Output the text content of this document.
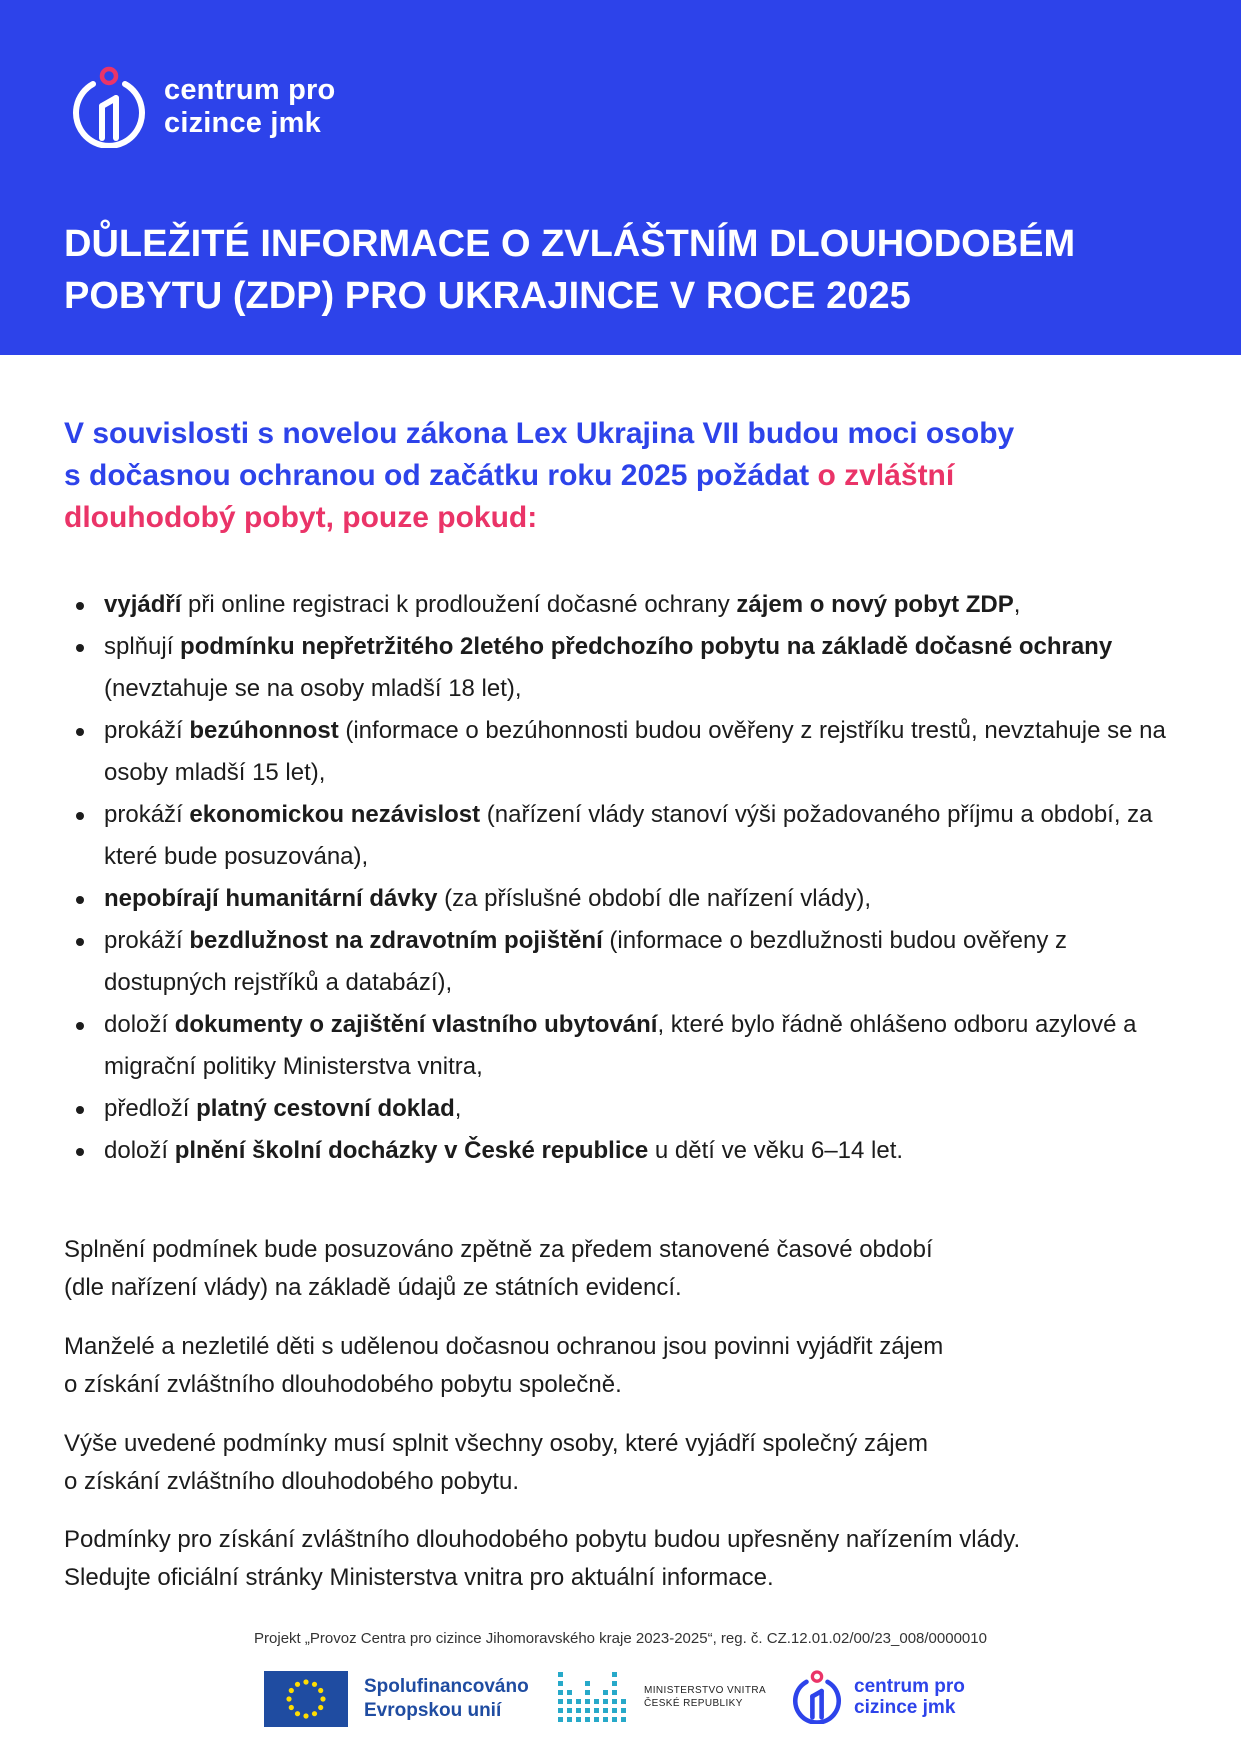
centrum pro
cizince jmk
DŮLEŽITÉ INFORMACE O ZVLÁŠTNÍM DLOUHODOBÉM
POBYTU (ZDP) PRO UKRAJINCE V ROCE 2025

V souvislosti s novelou zákona Lex Ukrajina VII budou moci osoby
s dočasnou ochranou od začátku roku 2025 požádat o zvláštní
dlouhodobý pobyt, pouze pokud:

vyjádří při online registraci k prodloužení dočasné ochrany zájem o nový pobyt ZDP,
splňují podmínku nepřetržitého 2letého předchozího pobytu na základě dočasné ochrany (nevztahuje se na osoby mladší 18 let),
prokáží bezúhonnost (informace o bezúhonnosti budou ověřeny z rejstříku trestů, nevztahuje se na osoby mladší 15 let),
prokáží ekonomickou nezávislost (nařízení vlády stanoví výši požadovaného příjmu a období, za které bude posuzována),
nepobírají humanitární dávky (za příslušné období dle nařízení vlády),
prokáží bezdlužnost na zdravotním pojištění (informace o bezdlužnosti budou ověřeny z dostupných rejstříků a databází),
doloží dokumenty o zajištění vlastního ubytování, které bylo řádně ohlášeno odboru azylové a migrační politiky Ministerstva vnitra,
předloží platný cestovní doklad,
doloží plnění školní docházky v České republice u dětí ve věku 6–14 let.

Splnění podmínek bude posuzováno zpětně za předem stanovené časové období
(dle nařízení vlády) na základě údajů ze státních evidencí.

Manželé a nezletilé děti s udělenou dočasnou ochranou jsou povinni vyjádřit zájem
o získání zvláštního dlouhodobého pobytu společně.

Výše uvedené podmínky musí splnit všechny osoby, které vyjádří společný zájem
o získání zvláštního dlouhodobého pobytu.

Podmínky pro získání zvláštního dlouhodobého pobytu budou upřesněny nařízením vlády.
Sledujte oficiální stránky Ministerstva vnitra pro aktuální informace.

Projekt „Provoz Centra pro cizince Jihomoravského kraje 2023-2025“, reg. č. CZ.12.01.02/00/23_008/0000010

Spolufinancováno
Evropskou unií
MINISTERSTVO VNITRA
ČESKÉ REPUBLIKY
centrum pro
cizince jmk
